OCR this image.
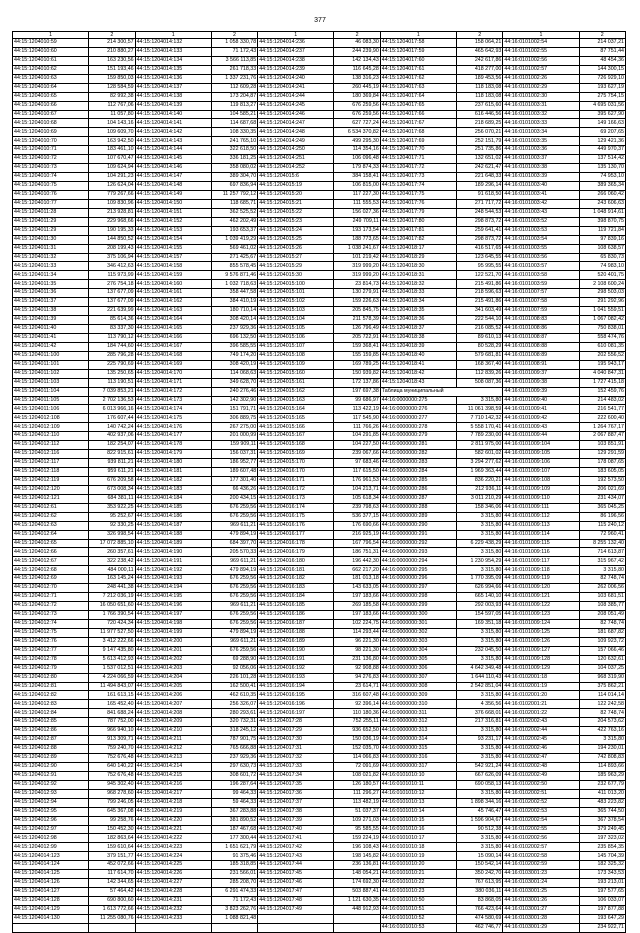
377
1	2	1	2	1	2	1	2	1	2
44:15:1204010:59	214 300,57	44:15:1204014:132	1 058 330,78	44:15:1204014:236	46 083,30	44:15:1204017:58	158 064,21	44:16:0101002:54	214 037,21
44:15:1204010:60	210 880,27	44:15:1204014:133	71 172,43	44:15:1204014:237	244 239,90	44:15:1204017:59	465 642,93	44:16:0101002:55	87 751,44
44:15:1204010:61	163 230,56	44:15:1204014:134	3 566 113,85	44:15:1204014:238	142 134,43	44:15:1204017:60	242 617,86	44:16:0101002:56	48 454,36
44:15:1204010:62	151 193,46	44:15:1204014:135	261 718,33	44:15:1204014:239	116 645,28	44:15:1204017:61	418 277,00	44:16:0101002:57	144 300,15
44:15:1204010:63	159 850,03	44:15:1204014:136	1 337 231,76	44:15:1204014:240	138 316,23	44:15:1204017:62	189 453,56	44:16:0101002:26	726 929,10
44:15:1204010:64	128 584,59	44:15:1204014:137	112 609,28	44:15:1204014:241	260 445,19	44:15:1204017:63	118 183,08	44:16:0101002:29	193 627,19
44:15:1204010:65	82 992,38	44:15:1204014:138	173 204,87	44:15:1204014:244	180 369,84	44:15:1204017:64	118 183,08	44:16:0101002:30	275 754,15
44:15:1204010:66	112 767,06	44:15:1204014:139	119 813,27	44:15:1204014:245	676 259,56	44:15:1204017:65	237 615,60	44:16:0101003:31	4 695 031,56
44:15:1204010:67	11 057,80	44:15:1204014:140	104 585,21	44:15:1204014:246	676 259,56	44:15:1204017:66	616 446,56	44:16:0101003:32	395 627,90
44:15:1204010:68	104 143,16	44:15:1204014:141	114 687,68	44:15:1204014:247	627 727,24	44:15:1204017:67	218 689,25	44:16:0101003:33	149 166,63
44:15:1204010:69	109 609,70	44:15:1204014:142	108 330,35	44:15:1204014:248	6 534 370,82	44:15:1204017:68	256 070,21	44:16:0101003:34	69 207,65
44:15:1204010:70	163 942,50	44:15:1204014:143	241 765,10	44:15:1204014:249	499 295,30	44:15:1204017:69	252 151,79	44:16:0101003:35	129 421,36
44:15:1204010:71	183 461,10	44:15:1204014:144	322 618,50	44:15:1204014:250	114 354,16	44:15:1204017:70	251 735,86	44:16:0101003:36	449 970,37
44:15:1204010:72	107 670,47	44:15:1204014:145	336 181,25	44:15:1204014:251	106 096,48	44:15:1204017:71	132 651,02	44:16:0101003:37	137 514,42
44:15:1204010:73	109 624,94	44:15:1204014:146	358 080,02	44:15:1204014:252	179 874,33	44:15:1204017:72	242 621,47	44:16:0101003:38	135 130,70
44:15:1204010:74	104 291,23	44:15:1204014:147	389 304,70	44:15:1204015:6	384 158,41	44:15:1204017:73	221 648,33	44:16:0101003:39	74 953,10
44:15:1204010:75	126 624,04	44:15:1204014:148	697 836,94	44:15:1204015:19	106 815,00	44:15:1204017:74	189 296,14	44:16:0101003:40	389 365,34
44:15:1204010:76	779 267,66	44:15:1204014:149	11 257 792,12	44:15:1204015:20	117 227,30	44:15:1204017:75	91 618,50	44:16:0101003:41	266 060,42
44:15:1204010:77	109 830,96	44:15:1204014:150	118 685,71	44:15:1204015:21	111 555,53	44:15:1204017:76	271 717,72	44:16:0101003:42	243 606,63
44:15:1204011:28	213 928,81	44:15:1204014:151	362 525,52	44:15:1204015:22	156 027,36	44:15:1204017:79	248 544,53	44:16:0101003:43	1 048 914,61
44:15:1204011:29	229 968,66	44:15:1204014:152	462 202,49	44:15:1204015:23	249 709,11	44:15:1204017:80	298 873,72	44:16:0101003:52	398 870,75
44:15:1204011:29	190 195,33	44:15:1204014:153	193 653,37	44:15:1204015:24	193 173,54	44:15:1204017:81	259 641,41	44:16:0101003:53	119 721,84
44:15:1204011:30	144 850,52	44:15:1204014:154	1 039 419,29	44:15:1204015:25	188 773,65	44:15:1204017:82	298 873,72	44:16:0101003:54	97 839,16
44:15:1204011:31	208 199,43	44:15:1204014:155	569 461,02	44:15:1204015:26	1 038 241,67	44:15:1204018:17	416 517,65	44:16:0101003:55	108 638,57
44:15:1204011:32	375 106,94	44:15:1204014:157	271 425,67	44:15:1204015:27	101 219,42	44:15:1204018:29	123 645,55	44:16:0101003:56	65 830,73
44:15:1204011:33	346 412,63	44:15:1204014:158	855 578,45	44:15:1204015:29	319 999,20	44:15:1204018:30	95 995,55	44:16:0101003:57	74 983,10
44:15:1204011:34	115 973,99	44:15:1204014:159	9 576 871,46	44:15:1204015:30	319 999,20	44:15:1204018:31	122 521,70	44:16:0101003:58	520 401,75
44:15:1204011:35	276 754,18	44:15:1204014:160	1 032 718,63	44:15:1204015:100	23 814,73	44:15:1204018:32	215 491,86	44:16:0101003:59	2 108 600,24
44:15:1204011:36	137 677,09	44:15:1204014:161	358 447,58	44:15:1204015:101	130 279,91	44:15:1204018:33	218 596,63	44:16:0101007:57	298 503,03
44:15:1204011:37	137 677,09	44:15:1204014:162	384 410,19	44:15:1204015:102	159 226,63	44:15:1204018:34	215 491,86	44:16:0101007:58	291 292,96
44:15:1204011:38	221 639,99	44:15:1204014:163	180 710,14	44:15:1204015:103	205 845,75	44:15:1204018:35	341 603,49	44:16:0101007:59	1 041 559,51
44:15:1204011:39	85 614,36	44:15:1204014:164	308 420,14	44:15:1204015:104	211 578,39	44:15:1204018:36	222 544,10	44:16:0101008:83	1 067 082,42
44:15:1204011:40	83 337,30	44:15:1204014:165	237 929,36	44:15:1204015:105	126 796,49	44:15:1204018:37	216 085,52	44:16:0101008:86	750 838,01
44:15:1204011:41	113 790,12	44:15:1204014:166	696 132,50	44:15:1204015:106	205 722,91	44:15:1204018:38	89 610,13	44:16:0101008:87	558 474,76
44:15:1204011:42	184 744,60	44:15:1204014:167	396 585,55	44:15:1204015:107	159 368,41	44:15:1204018:39	80 528,29	44:16:0101008:88	610 081,35
44:15:1204011:100	285 796,28	44:15:1204014:168	749 174,20	44:15:1204015:108	155 159,85	44:15:1204018:40	579 681,81	44:16:0101008:89	202 556,52
44:15:1204011:101	225 790,69	44:15:1204014:169	308 420,19	44:15:1204015:109	169 789,25	44:15:1204018:41	168 367,40	44:16:0101008:91	195 943,17
44:15:1204011:102	135 250,65	44:15:1204014:170	114 068,63	44:15:1204015:160	150 939,82	44:15:1204018:42	112 839,26	44:16:0101009:37	4 040 847,31
44:15:1204011:103	113 190,51	44:15:1204014:171	349 628,70	44:15:1204015:161	172 137,86	44:15:1204018:43	508 087,36	44:16:0101009:38	1 727 415,18
44:15:1204011:104	7 039 853,21	44:15:1204014:172	240 276,46	44:15:1204015:162	197 697,38	Таблица муниципальный		44:16:0101009:39	152 459,76
44:15:1204011:105	2 702 136,53	44:15:1204014:173	142 302,90	44:15:1204015:163	99 686,97	44:16:0000000:275	3 315,80	44:16:0101009:40	214 483,02
44:15:1204011:106	6 013 966,16	44:15:1204014:174	151 791,71	44:15:1204015:164	113 422,19	44:16:0000000:276	11 061 398,59	44:16:0101009:41	216 541,77
44:15:1204012:108	176 607,44	44:15:1204014:175	306 889,75	44:15:1204015:165	117 545,90	44:16:0000000:277	7 710 142,32	44:16:0101009:42	222 600,40
44:15:1204012:109	140 742,24	44:15:1204014:176	267 275,00	44:15:1204015:166	111 766,26	44:16:0000000:278	5 558 170,41	44:16:0101009:43	1 264 767,17
44:15:1204012:110	402 937,06	44:15:1204014:177	201 000,99	44:15:1204015:167	104 291,85	44:16:0000000:279	7 789 230,00	44:16:0101009:44	2 067 887,47
44:15:1204012:112	182 254,07	44:15:1204014:178	159 909,11	44:15:1204015:168	104 227,50	44:16:0000000:281	2 811 975,00	44:16:0101009:104	103 851,91
44:15:1204012:116	822 915,61	44:15:1204014:179	156 037,31	44:15:1204015:169	239 067,66	44:16:0000000:282	582 601,02	44:16:0101009:105	129 291,59
44:15:1204012:117	939 811,21	44:15:1204014:180	186 952,77	44:15:1204015:170	97 683,46	44:16:0000000:283	3 294 277,62	44:16:0101009:106	178 087,65
44:15:1204012:118	959 611,21	44:15:1204014:181	189 607,48	44:15:1204016:170	117 615,50	44:16:0000000:284	1 969 363,44	44:16:0101009:107	183 605,05
44:15:1204012:119	676 209,58	44:15:1204014:182	177 301,40	44:15:1204016:171	176 961,53	44:16:0000000:285	836 220,21	44:16:0101009:108	192 573,50
44:15:1204012:120	673 008,34	44:15:1204014:183	66 436,26	44:15:1204016:172	104 213,71	44:16:0000000:286	212 936,11	44:16:0101009:109	206 021,69
44:15:1204012:121	684 381,11	44:15:1204014:184	200 434,15	44:15:1204016:173	105 618,34	44:16:0000000:287	3 011 210,29	44:16:0101009:110	231 434,07
44:15:1204012:61	353 922,25	44:15:1204014:185	676 259,56	44:15:1204016:174	239 798,63	44:16:0000000:288	158 346,06	44:16:0101009:111	365 045,25
44:15:1204012:62	95 252,67	44:15:1204014:186	676 259,56	44:15:1204016:175	536 377,15	44:16:0000000:289	3 315,80	44:16:0101009:112	86 196,56
44:15:1204012:63	92 330,25	44:15:1204014:187	969 611,21	44:15:1204016:176	176 690,66	44:16:0000000:290	3 315,80	44:16:0101009:113	115 240,12
44:15:1204012:64	326 998,54	44:15:1204014:188	479 894,19	44:15:1204016:177	216 925,19	44:16:0000000:291	3 315,80	44:16:0101009:114	72 960,41
44:15:1204012:65	17 072 885,10	44:15:1204014:189	684 397,70	44:15:1204016:178	167 796,54	44:16:0000000:292	6 229 438,29	44:16:0101009:115	8 255 132,40
44:15:1204012:66	260 357,61	44:15:1204014:190	205 570,33	44:15:1204016:179	186 751,31	44:16:0000000:293	3 315,80	44:16:0101009:116	714 613,87
44:15:1204012:67	322 238,42	44:15:1204014:191	969 611,21	44:15:1204016:180	196 442,30	44:16:0000000:294	1 230 954,29	44:16:0101009:117	315 967,42
44:15:1204012:68	484 000,11	44:15:1204014:192	479 894,19	44:15:1204016:181	662 217,20	44:16:0000000:295	3 315,80	44:16:0101009:118	3 315,80
44:15:1204012:69	163 145,24	44:15:1204014:193	676 259,56	44:15:1204016:182	181 013,18	44:16:0000000:296	1 770 395,09	44:16:0101009:119	82 748,74
44:15:1204012:70	248 441,38	44:15:1204014:194	676 259,56	44:15:1204016:183	143 633,05	44:16:0000000:297	626 994,66	44:16:0101009:120	262 006,56
44:15:1204012:71	7 212 036,19	44:15:1204014:195	676 259,56	44:15:1204016:184	197 183,66	44:16:0000000:298	665 140,10	44:16:0101009:121	103 681,51
44:15:1204012:72	16 050 651,60	44:15:1204014:196	969 611,21	44:15:1204016:185	269 185,58	44:16:0000000:299	292 003,93	44:16:0101009:122	108 385,77
44:15:1204012:73	1 766 390,54	44:15:1204014:197	676 259,56	44:15:1204016:186	197 183,66	44:16:0000000:300	154 597,05	44:16:0101009:123	208 051,49
44:15:1204012:74	720 424,34	44:15:1204014:198	676 259,56	44:15:1204016:187	102 224,75	44:16:0000000:301	169 351,18	44:16:0101009:124	82 748,74
44:15:1204012:75	11 977 527,50	44:15:1204014:199	479 894,19	44:15:1204016:188	114 293,44	44:16:0000000:302	3 315,80	44:16:0101009:125	181 687,82
44:15:1204012:76	3 412 222,66	44:15:1204014:200	969 611,21	44:15:1204016:189	96 221,30	44:16:0000000:303	3 315,80	44:16:0101009:126	109 923,72
44:15:1204012:77	9 147 435,80	44:15:1204014:201	676 259,56	44:15:1204016:190	98 221,30	44:16:0000000:304	232 045,50	44:16:0101009:127	157 066,46
44:15:1204012:78	5 613 412,93	44:15:1204014:202	69 288,90	44:15:1204016:191	231 136,80	44:16:0000000:305	3 315,80	44:16:0101009:128	120 632,61
44:15:1204012:79	1 537 012,51	44:15:1204014:203	92 056,06	44:15:1204016:192	92 908,88	44:16:0000000:306	4 642 349,48	44:16:0101009:129	104 037,25
44:15:1204012:80	4 224 066,59	44:15:1204014:204	226 101,28	44:15:1204016:193	94 276,83	44:16:0000000:307	1 644 110,43	44:16:0102001:18	968 319,90
44:15:1204012:81	11 494 843,07	44:15:1204014:205	162 500,41	44:15:1204016:194	23 614,71	44:16:0000000:308	2 542 851,04	44:16:0102001:19	375 862,21
44:15:1204012:82	161 613,15	44:15:1204014:206	462 610,35	44:15:1204016:195	316 607,48	44:16:0000000:309	3 315,80	44:16:0102001:20	114 014,14
44:15:1204012:83	165 452,40	44:15:1204014:207	256 326,07	44:15:1204016:196	92 396,14	44:16:0000000:310	4 356,56	44:16:0102001:21	122 242,58
44:15:1204012:84	841 688,24	44:15:1204014:208	280 293,61	44:15:1204016:197	110 180,36	44:16:0000000:311	376 668,01	44:16:0102001:22	82 748,74
44:15:1204012:85	787 752,00	44:15:1204014:209	320 732,31	44:15:1204017:28	752 255,11	44:16:0000000:312	217 316,81	44:16:0102002:43	204 573,62
44:15:1204012:86	966 940,10	44:15:1204014:210	318 245,12	44:15:1204017:29	936 652,50	44:16:0000000:313	3 315,80	44:16:0102002:44	422 763,16
44:15:1204012:87	913 309,71	44:15:1204014:211	787 901,75	44:15:1204017:30	150 036,19	44:16:0000000:314	93 231,17	44:16:0102002:45	3 315,80
44:15:1204012:88	759 240,70	44:15:1204014:212	765 666,88	44:15:1204017:31	152 035,70	44:16:0000000:315	3 315,80	44:16:0102002:46	194 230,01
44:15:1204012:89	752 676,48	44:15:1204014:213	237 929,36	44:15:1204017:32	114 066,83	44:16:0000000:316	3 315,80	44:16:0102002:47	742 808,83
44:15:1204012:90	640 140,22	44:15:1204014:214	297 630,73	44:15:1204017:33	72 091,69	44:16:0000000:317	542 921,24	44:16:0102002:48	114 893,66
44:15:1204012:91	752 676,48	44:15:1204014:215	308 601,72	44:15:1204017:34	108 021,82	44:16:0101010:10	667 626,09	44:16:0102002:49	185 963,29
44:15:1204012:92	945 302,40	44:15:1204014:216	196 287,64	44:15:1204017:35	126 180,57	44:16:0101010:11	690 058,13	44:16:0102002:50	232 677,79
44:15:1204012:93	968 278,60	44:15:1204014:217	99 464,33	44:15:1204017:36	111 296,27	44:16:0101010:12	3 315,80	44:16:0102002:51	411 013,20
44:15:1204012:94	799 246,05	44:15:1204014:218	59 464,33	44:15:1204017:37	113 482,19	44:16:0101010:13	1 898 344,16	44:16:0102002:52	483 223,82
44:15:1204012:95	645 367,08	44:15:1204014:219	367 283,88	44:15:1204017:38	51 037,37	44:16:0101010:14	45 746,47	44:16:0102002:53	365 744,50
44:15:1204012:96	99 258,76	44:15:1204014:220	381 890,52	44:15:1204017:39	109 271,03	44:16:0101010:15	1 596 904,67	44:16:0102002:54	367 378,54
44:15:1204012:97	150 452,30	44:15:1204014:221	187 467,68	44:15:1204017:40	95 585,55	44:16:0101010:16	90 512,38	44:16:0102002:55	379 249,45
44:15:1204012:98	182 863,64	44:15:1204014:222	177 300,44	44:15:1204017:41	159 224,19	44:16:0101010:17	3 315,80	44:16:0102002:56	197 323,02
44:15:1204012:99	159 610,64	44:15:1204014:223	1 651 621,79	44:15:1204017:42	196 108,43	44:16:0101010:18	3 315,80	44:16:0102002:57	235 854,35
44:15:1204014:123	379 151,77	44:15:1204014:224	91 375,46	44:15:1204017:43	198 145,82	44:16:0101010:19	15 090,14	44:16:0102002:58	145 704,39
44:15:1204014:124	452 072,66	44:15:1204014:225	185 318,85	44:15:1204017:44	236 136,81	44:16:0101010:20	150 542,14	44:16:0102002:59	182 325,32
44:15:1204014:125	117 614,70	44:15:1204014:226	231 566,01	44:15:1204017:45	148 054,21	44:16:0101010:21	350 242,70	44:16:0103001:23	173 343,53
44:15:1204014:126	142 344,65	44:15:1204014:227	285 208,70	44:15:1204017:46	174 692,30	44:16:0101010:22	767 613,95	44:16:0103001:24	193 213,01
44:15:1204014:127	57 464,42	44:15:1204014:228	6 291 474,33	44:15:1204017:47	503 887,41	44:16:0101010:23	380 036,11	44:16:0103001:25	197 577,65
44:15:1204014:128	690 800,60	44:15:1204014:231	71 172,43	44:15:1204017:48	1 121 630,35	44:16:0101010:50	83 868,05	44:16:0103001:26	106 033,07
44:15:1204014:129	1 613 772,66	44:15:1204014:232	3 823 262,76	44:15:1204017:49	448 912,93	44:16:0101010:51	766 423,64	44:16:0103001:27	197 877,88
44:15:1204014:130	11 255 080,76	44:15:1204014:233	1 088 821,48			44:16:0101010:52	474 580,69	44:16:0103001:28	193 647,29
						44:16:0101010:53	462 746,77	44:16:0103001:29	234 922,71
